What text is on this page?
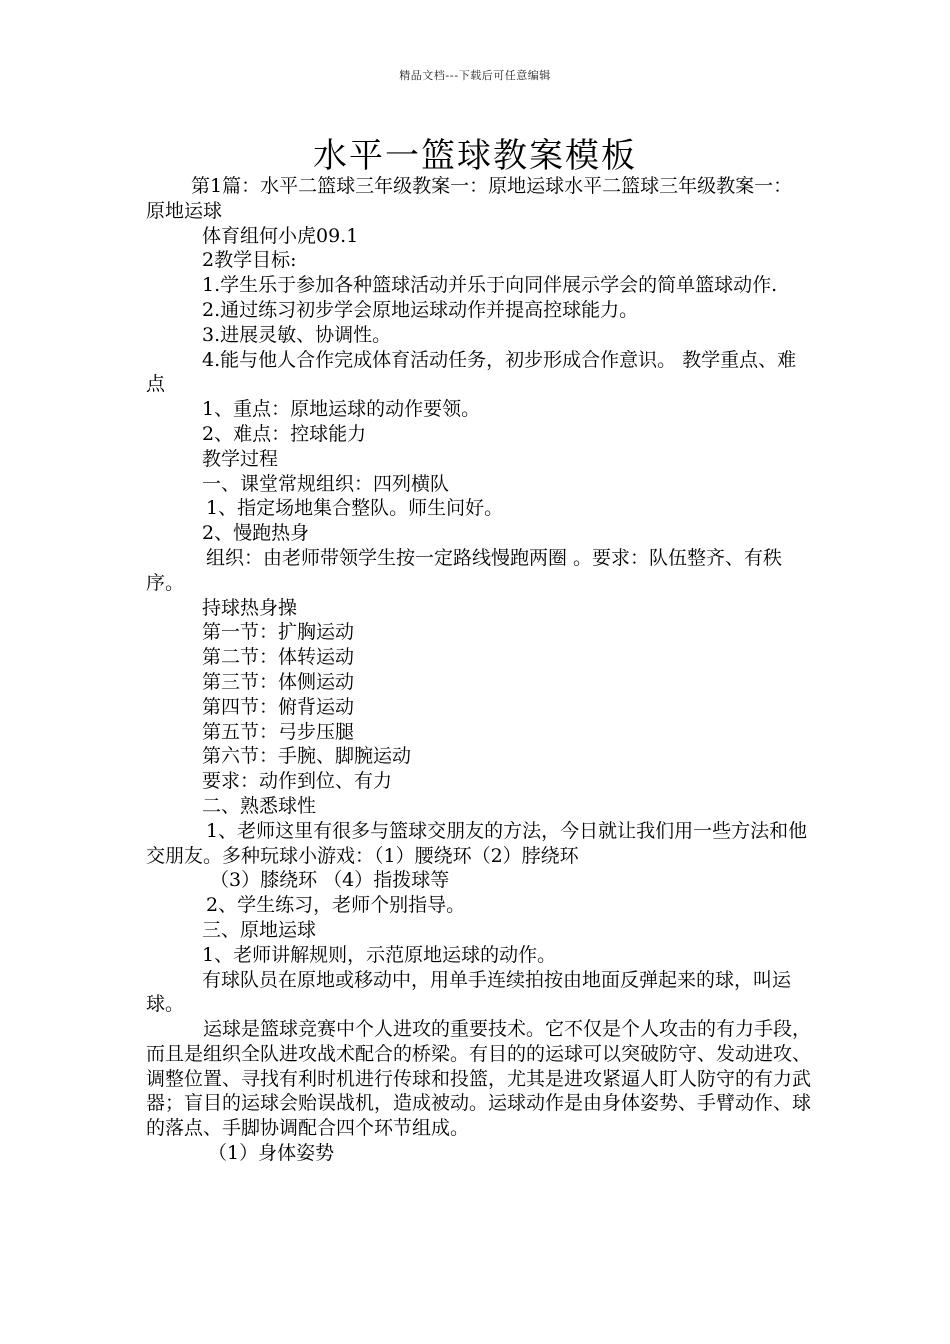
精品文档---下载后可任意编辑
水平一篮球教案模板

第1篇：水平二篮球三年级教案一：原地运球水平二篮球三年级教案一：原地运球

体育组何小虎09.1

2教学目标:

1.学生乐于参加各种篮球活动并乐于向同伴展示学会的简单篮球动作.

2.通过练习初步学会原地运球动作并提高控球能力。

3.进展灵敏、协调性。

4.能与他人合作完成体育活动任务，初步形成合作意识。 教学重点、难点

1、重点：原地运球的动作要领。

2、难点：控球能力

教学过程

一、课堂常规组织：四列横队

1、指定场地集合整队。师生问好。

2、慢跑热身

组织：由老师带领学生按一定路线慢跑两圈 。要求：队伍整齐、有秩序。

持球热身操

第一节：扩胸运动

第二节：体转运动

第三节：体侧运动

第四节：俯背运动

第五节：弓步压腿

第六节：手腕、脚腕运动

要求：动作到位、有力

二、熟悉球性

1、老师这里有很多与篮球交朋友的方法，今日就让我们用一些方法和他交朋友。多种玩球小游戏：（1）腰绕环（2）脖绕环

（3）膝绕环 （4）指拨球等

2、学生练习，老师个别指导。

三、原地运球

1、老师讲解规则，示范原地运球的动作。

有球队员在原地或移动中，用单手连续拍按由地面反弹起来的球，叫运球。

运球是篮球竞赛中个人进攻的重要技术。它不仅是个人攻击的有力手段，而且是组织全队进攻战术配合的桥梁。有目的的运球可以突破防守、发动进攻、调整位置、寻找有利时机进行传球和投篮，尤其是进攻紧逼人盯人防守的有力武器；盲目的运球会贻误战机，造成被动。运球动作是由身体姿势、手臂动作、球的落点、手脚协调配合四个环节组成。

（1）身体姿势
